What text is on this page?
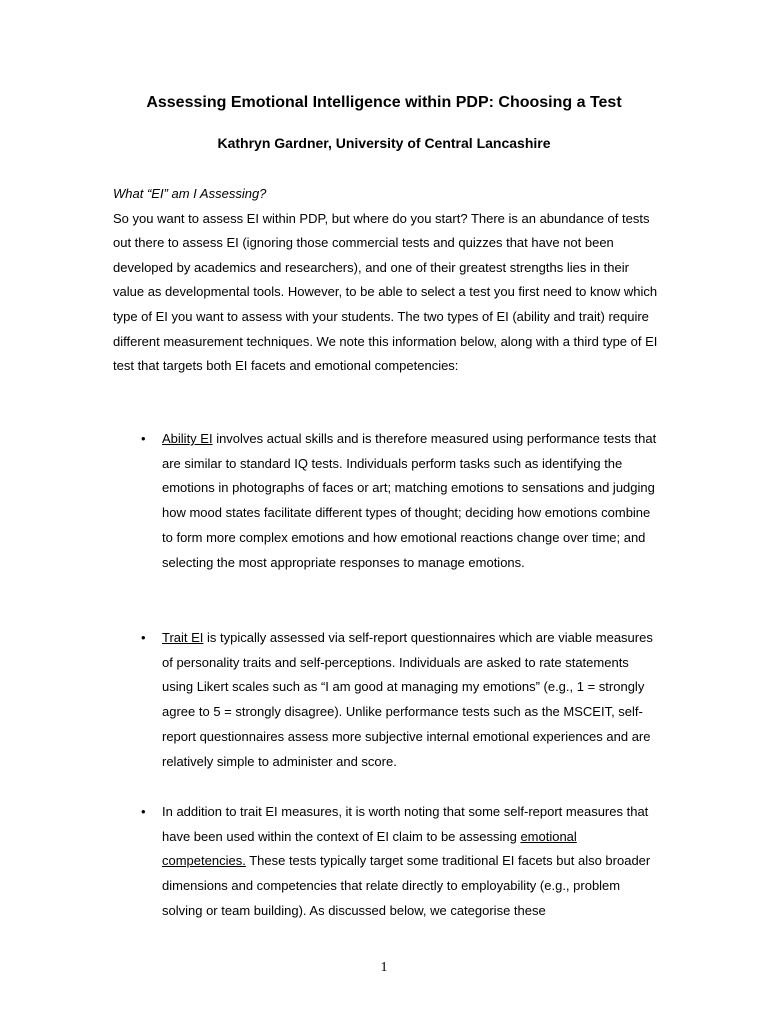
Assessing Emotional Intelligence within PDP: Choosing a Test
Kathryn Gardner, University of Central Lancashire
What “EI” am I Assessing?

So you want to assess EI within PDP, but where do you start? There is an abundance of tests out there to assess EI (ignoring those commercial tests and quizzes that have not been developed by academics and researchers), and one of their greatest strengths lies in their value as developmental tools. However, to be able to select a test you first need to know which type of EI you want to assess with your students. The two types of EI (ability and trait) require different measurement techniques. We note this information below, along with a third type of EI test that targets both EI facets and emotional competencies:

• Ability EI involves actual skills and is therefore measured using performance tests that are similar to standard IQ tests. Individuals perform tasks such as identifying the emotions in photographs of faces or art; matching emotions to sensations and judging how mood states facilitate different types of thought; deciding how emotions combine to form more complex emotions and how emotional reactions change over time; and selecting the most appropriate responses to manage emotions.

• Trait EI is typically assessed via self-report questionnaires which are viable measures of personality traits and self-perceptions. Individuals are asked to rate statements using Likert scales such as “I am good at managing my emotions” (e.g., 1 = strongly agree to 5 = strongly disagree). Unlike performance tests such as the MSCEIT, self-report questionnaires assess more subjective internal emotional experiences and are relatively simple to administer and score.

• In addition to trait EI measures, it is worth noting that some self-report measures that have been used within the context of EI claim to be assessing emotional competencies. These tests typically target some traditional EI facets but also broader dimensions and competencies that relate directly to employability (e.g., problem solving or team building). As discussed below, we categorise these

1
